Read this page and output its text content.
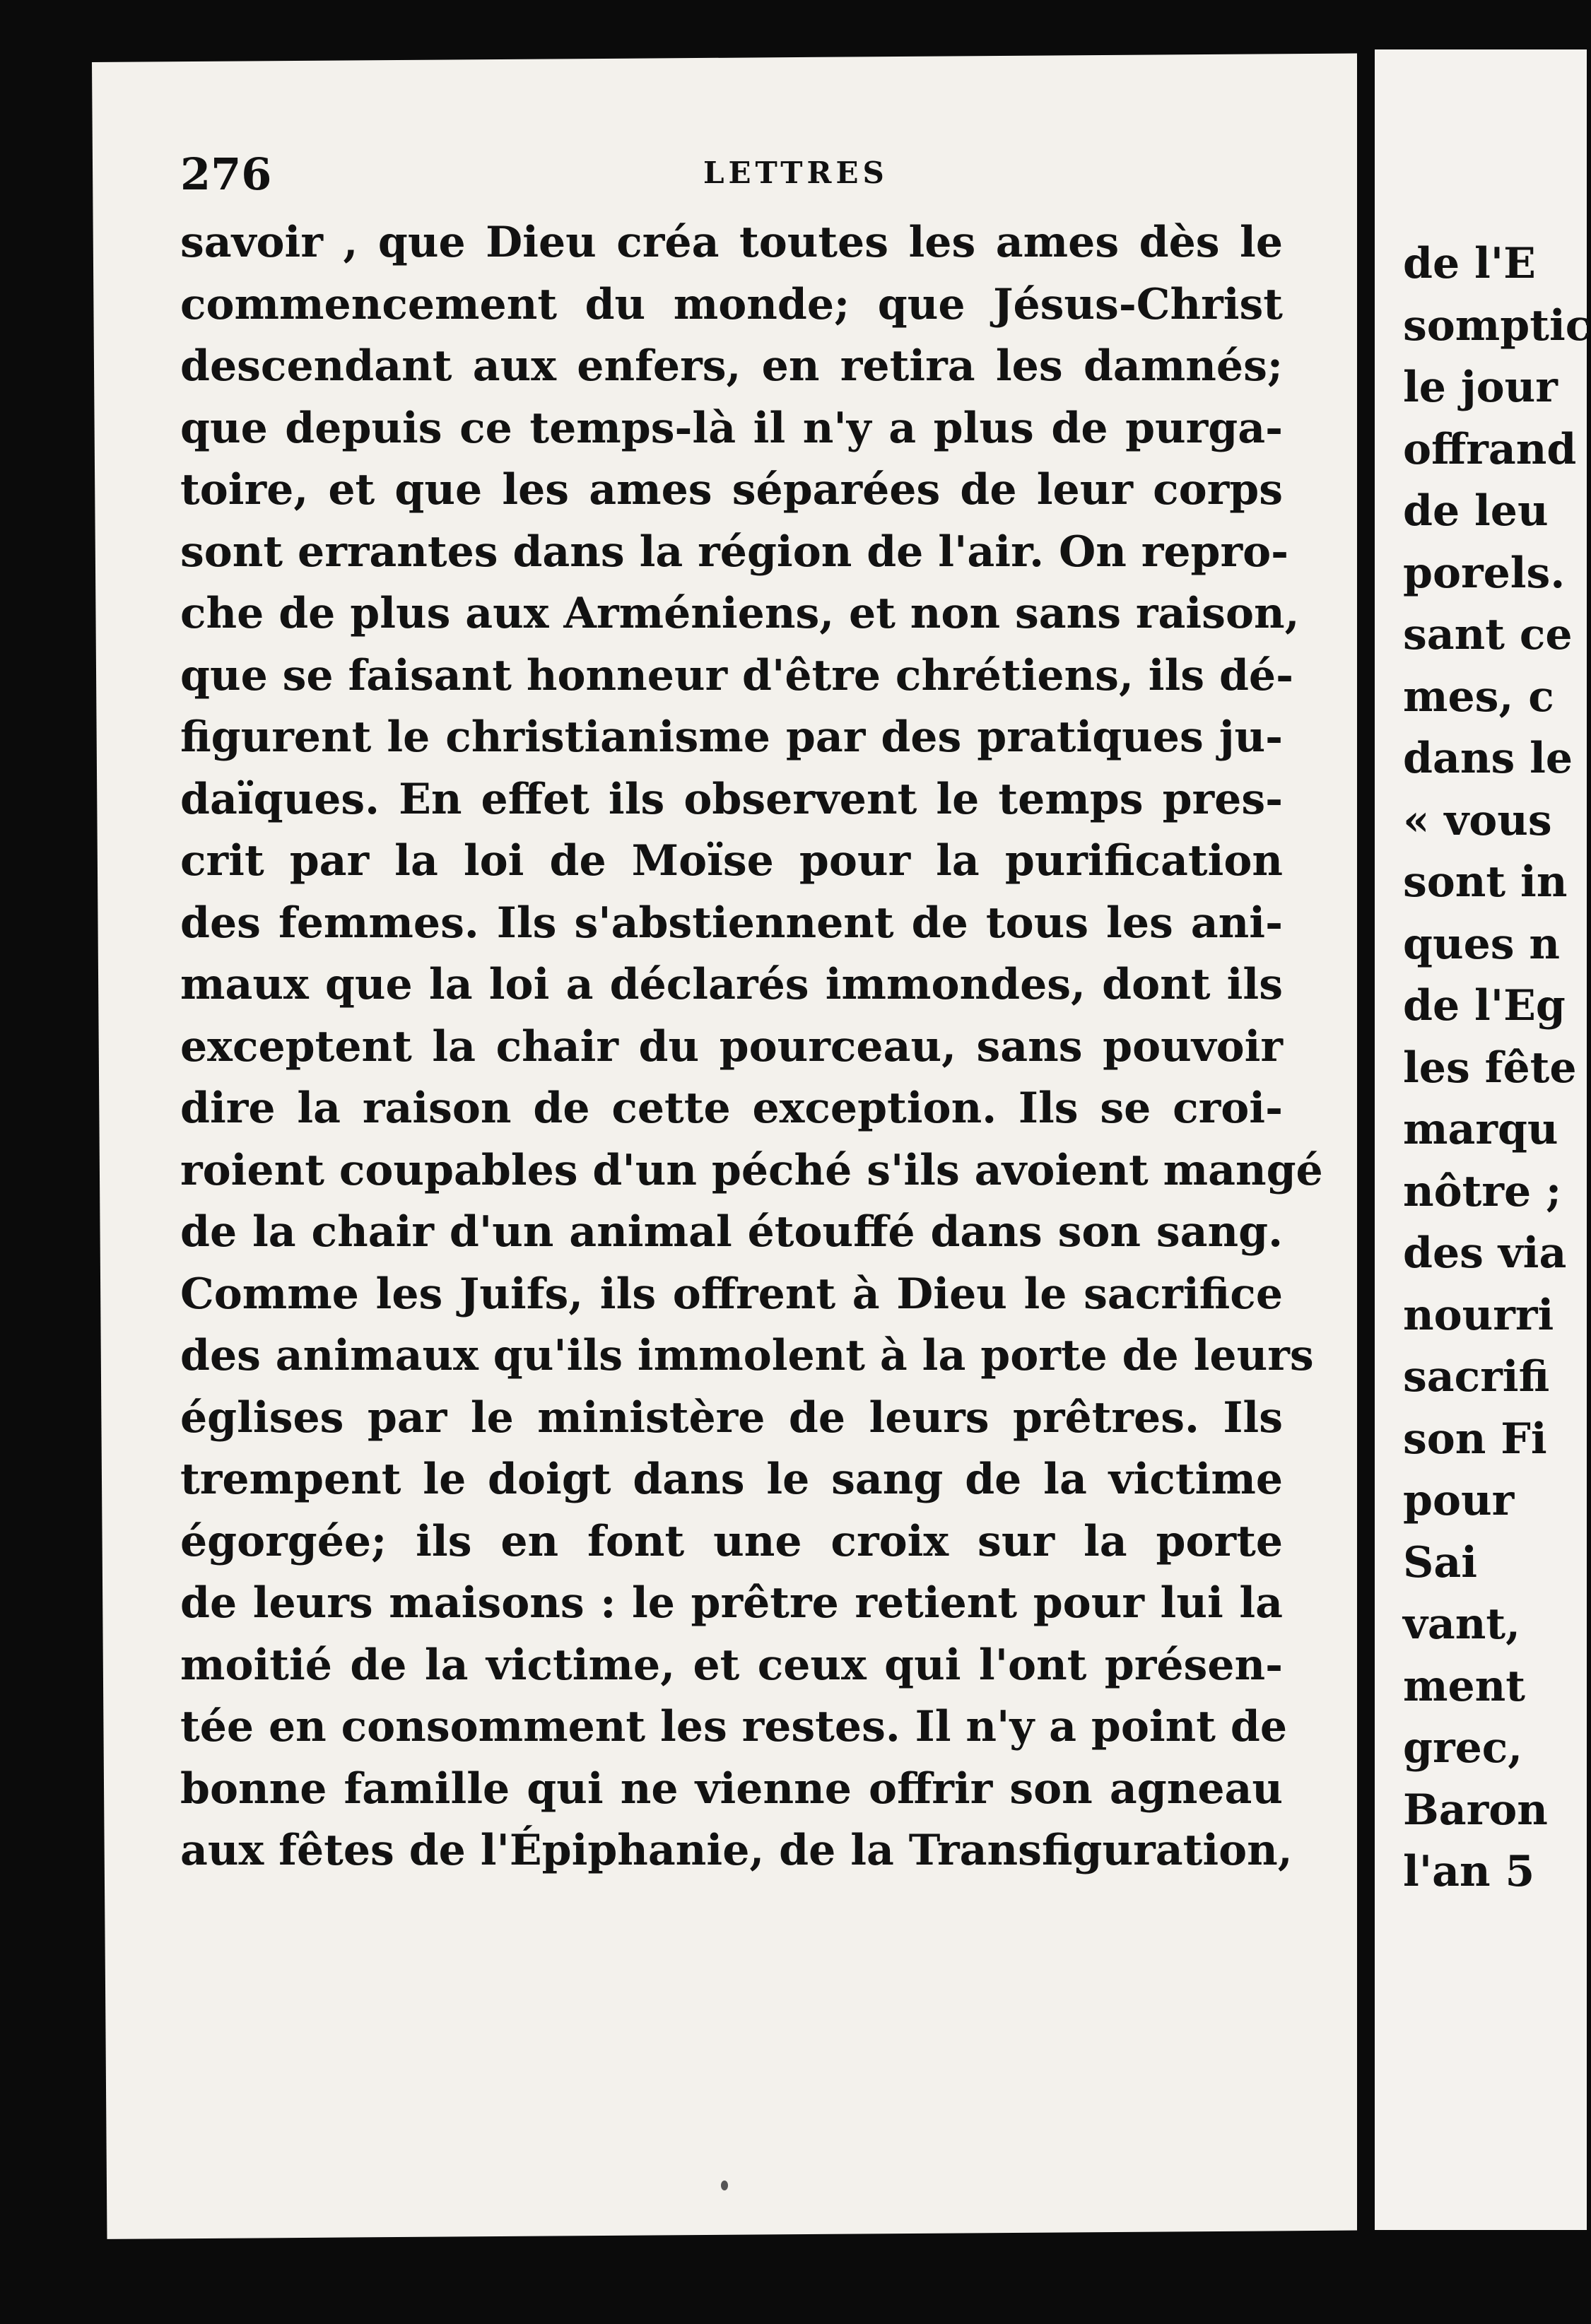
276	LETTRES
savoir , que Dieu créa toutes les ames dès le
commencement du monde; que Jésus-Christ
descendant aux enfers, en retira les damnés;
que depuis ce temps-là il n'y a plus de purga-
toire, et que les ames séparées de leur corps
sont errantes dans la région de l'air. On repro-
che de plus aux Arméniens, et non sans raison,
que se faisant honneur d'être chrétiens, ils dé-
figurent le christianisme par des pratiques ju-
daïques. En effet ils observent le temps pres-
crit par la loi de Moïse pour la purification
des femmes. Ils s'abstiennent de tous les ani-
maux que la loi a déclarés immondes, dont ils
exceptent la chair du pourceau, sans pouvoir
dire la raison de cette exception. Ils se croi-
roient coupables d'un péché s'ils avoient mangé
de la chair d'un animal étouffé dans son sang.
Comme les Juifs, ils offrent à Dieu le sacrifice
des animaux qu'ils immolent à la porte de leurs
églises par le ministère de leurs prêtres. Ils
trempent le doigt dans le sang de la victime
égorgée; ils en font une croix sur la porte
de leurs maisons : le prêtre retient pour lui la
moitié de la victime, et ceux qui l'ont présen-
tée en consomment les restes. Il n'y a point de
bonne famille qui ne vienne offrir son agneau
aux fêtes de l'Épiphanie, de la Transfiguration,
de l'E
somptic
le jour
offrand
de leu
porels.
sant ce
mes, c
dans le
« vous
sont in
ques n
de l'Eg
les fête
marqu
nôtre ;
des via
nourri
sacrifi
son Fi
pour
Sai
vant,
ment
grec,
Baron
l'an 5
